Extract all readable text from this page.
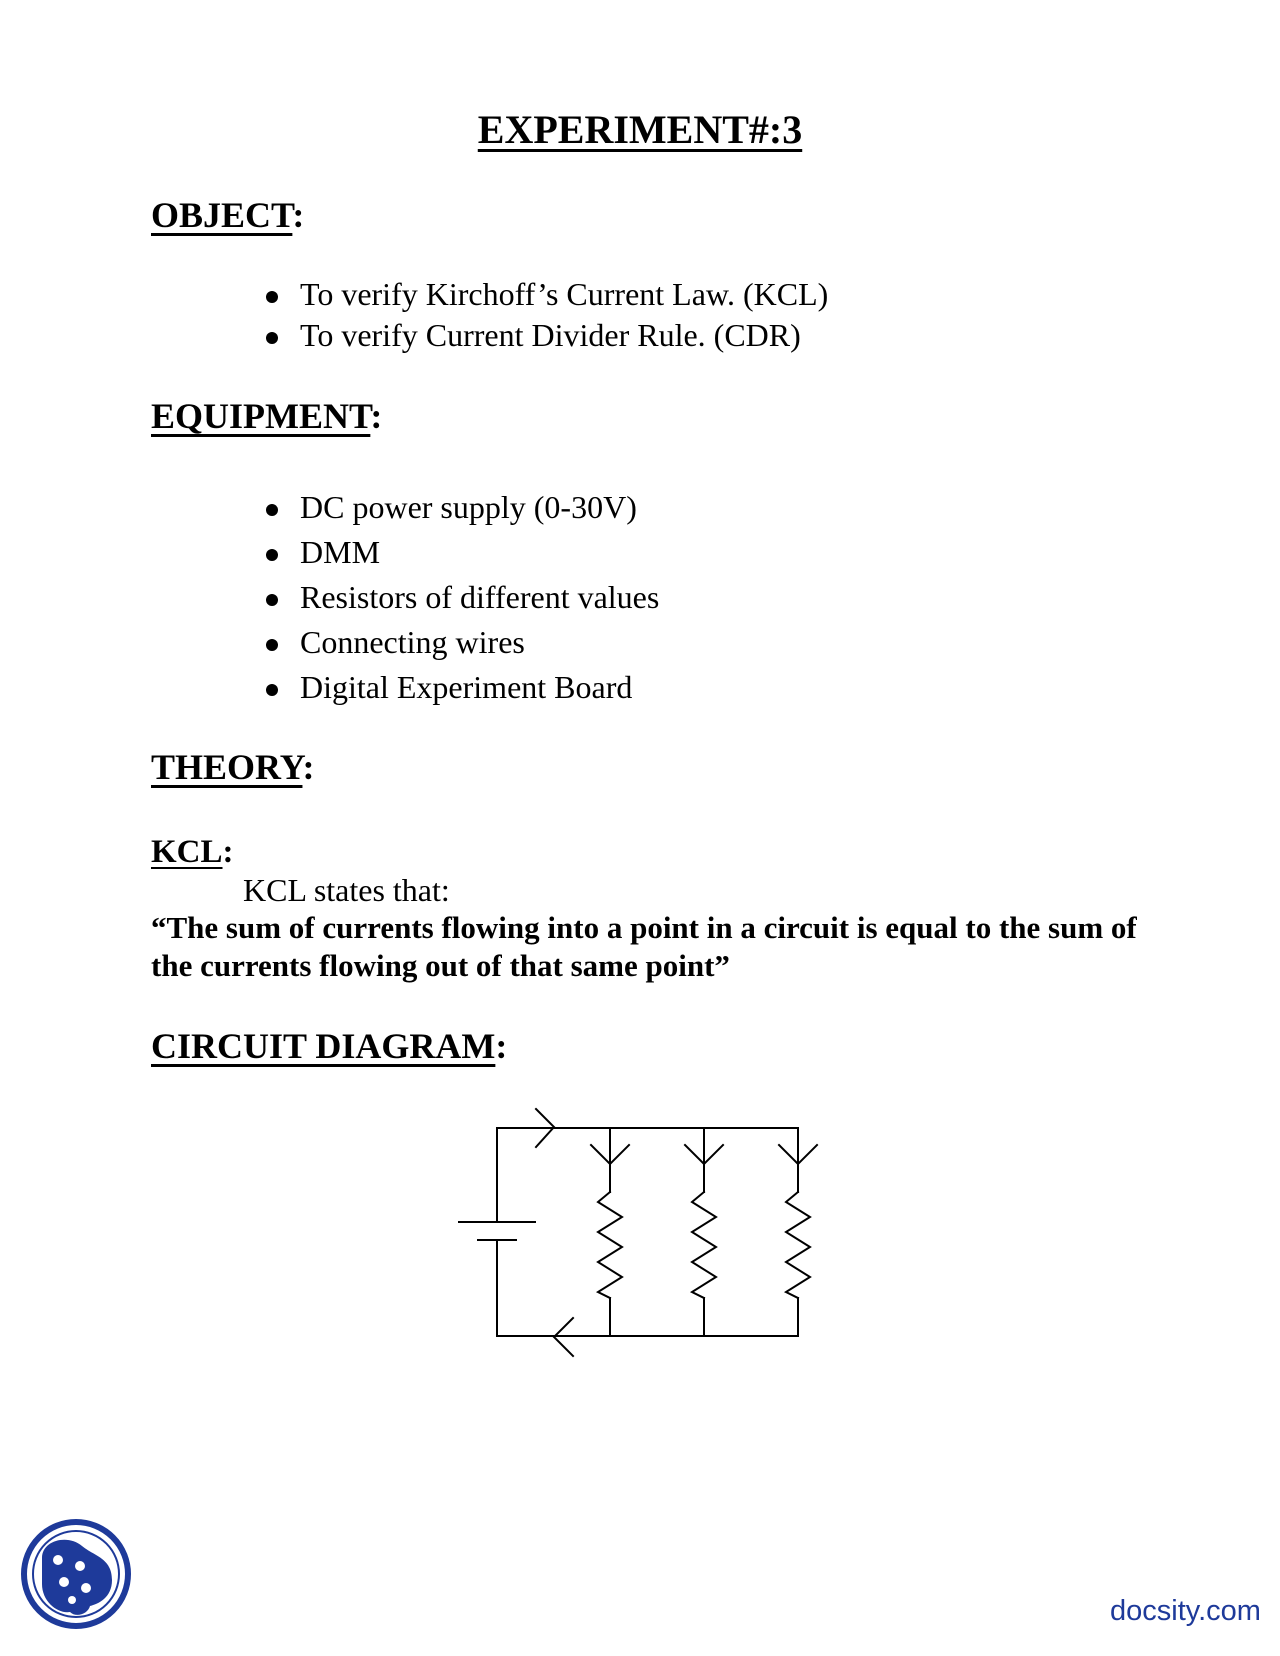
EXPERIMENT#:3
OBJECT:
To verify Kirchoff’s Current Law. (KCL)
To verify Current Divider Rule. (CDR)
EQUIPMENT:
DC power supply (0-30V)
DMM
Resistors of different values
Connecting wires
Digital Experiment Board
THEORY:
KCL:
KCL states that:
“The sum of currents flowing into a point in a circuit is equal to the sum of the currents flowing out of that same point”
CIRCUIT DIAGRAM:
docsity.com
